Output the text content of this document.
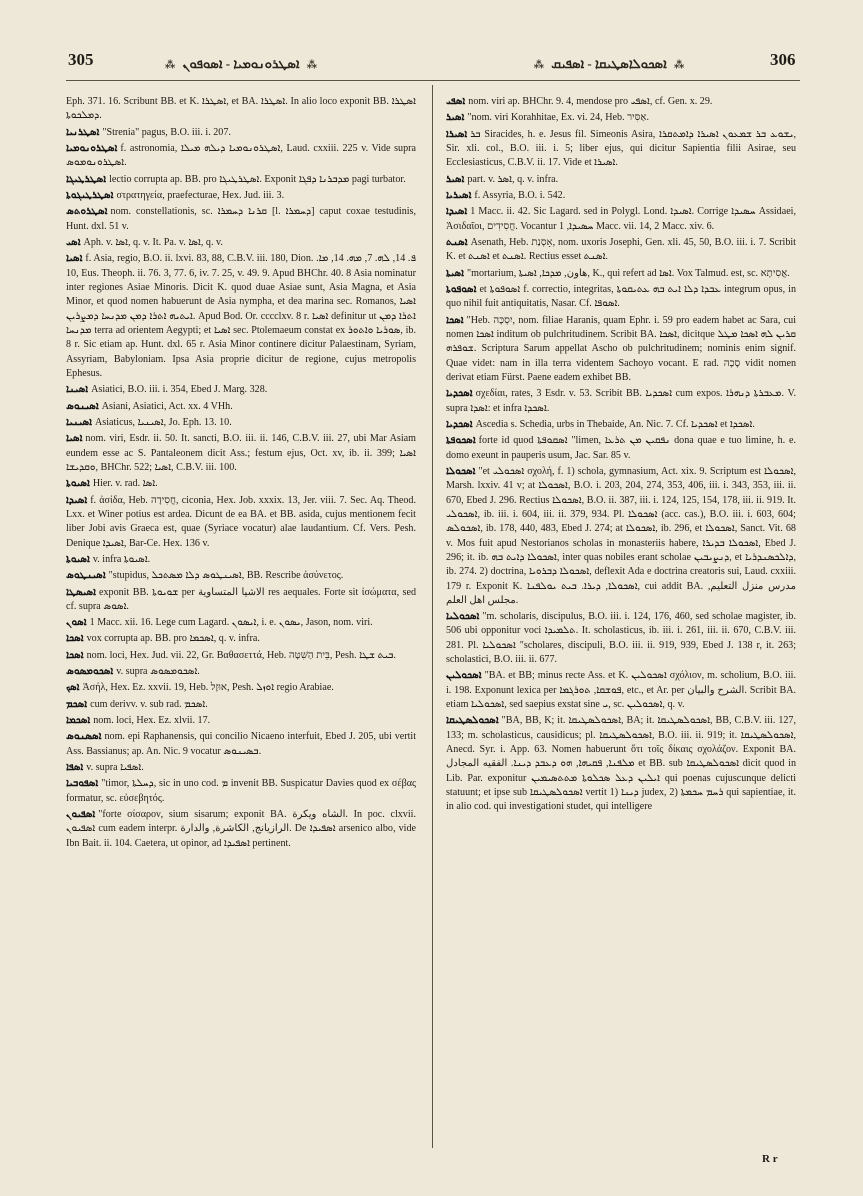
305	⁂ ܐܣܛܪܘܢܘܡܝܐ - ܐܣܘܦܘܢ ⁂	⁂ ܐܣܟܘܠܐܣܛܝܩܐ - ܐܣܦܝܩ ⁂	306

Eph. 371. 16. Scribunt BB. et K. ܐܣܛܪܐ, et BA. ܐܣܛܪܐ. In alio loco exponit BB. ܐܣܛܪܐ ܕܡܠܟܘܬܐ.

ܐܣܛܪܢܝܐ "Strenia" pagus, B.O. iii. i. 207.

ܐܣܛܪܘܢܘܡܝܐ f. astronomia, ܐܣܛܪܘܢܘܡܝܐ ܕܝܠܗ ܡܝܠܐ, Laud. cxxiii. 225 v. Vide supra ܐܣܛܪܘܢܘܡܘܣ.

ܐܣܛܪܛܝܓܐ lectio corrupta ap. BB. pro ܐܣܛܪܛܝܓܐ. Exponit ܡܕܒܪܢܐ ܕܦܓܐ pagi turbator.

ܐܣܛܪܛܝܓܘܬܐ στρατηγεία, praefecturae, Hex. Jud. iii. 3.

ܐܣܛܪܘܬܣ nom. constellationis, sc. ܩܪܢܐ ܕܚܡܪܐ [l. ܕܚܡܪܐ] caput coxae testudinis, Hunt. dxl. 51 v.

ܐܣܝ Aph. v. ܐܣܐ, q. v. It. Pa. v. ܐܣܐ, q. v.

ܐܣܝܐ f. Asia, regio, B.O. ii. lxvi. 83, 88, C.B.V. iii. 180, Dion. ܦ. 14, ܠܗ. 7, ܡܗ. 14, ܡܐ. 10, Eus. Theoph. ii. 76. 3, 77. 6, iv. 7. 25, v. 49. 9. Apud BHChr. 40. 8 Asia nominatur inter regiones Asiae Minoris. Dicit K. quod duae Asiae sunt, Asia Magna, et Asia Minor, et quod nomen habuerunt de Asia nympha, et dea marina sec. Romanos, ܐܣܝܐ ܐܝܬܝܗ ܐܬܪܐ ܕܡܢ ܡܕܢܚܐ ܕܡܨܪܝܢ. Apud Bod. Or. cccclxv. 8 r. ܐܣܝܐ definitur ut ܐܬܪܐ ܕܡܢ ܡܕܢܚܐ terra ad orientem Aegypti; et ܐܣܝܐ sec. Ptolemaeum constat ex ܣܘܪܝܐ ܘܐܬܘܪ, ib. 8 r. Sic etiam ap. Hunt. dxl. 65 r. Asia Minor continere dicitur Palaestinam, Syriam, Assyriam, Babyloniam. Ipsa Asia proprie dicitur de regione, cujus metropolis Ephesus.

ܐܣܝܢܐ Asiatici, B.O. iii. i. 354, Ebed J. Marg. 328.

ܐܣܝܢܘܣ Asiani, Asiatici, Act. xx. 4 VHh.

ܐܣܝܢܝܐ Asiaticus, ܐܣܝܢܝܐ, Jo. Eph. 13. 10.

ܐܣܝܐ nom. viri, Esdr. ii. 50. It. sancti, B.O. iii. ii. 146, C.B.V. iii. 27, ubi Mar Asiam eundem esse ac S. Pantaleonem dicit Ass.; festum ejus, Oct. xv, ib. ii. 399; ܐܣܝܐ ܘܩܕܝܫܐ, BHChr. 522; ܐܣܝܐ, C.B.V. iii. 100.

ܐܣܝܘܬܐ Hier. v. rad. ܐܣܐ.

ܐܣܝܕܐ f. ἀσίδα, Heb. חֲסִידָה, ciconia, Hex. Job. xxxix. 13, Jer. viii. 7. Sec. Aq. Theod. Lxx. et Winer potius est ardea. Dicunt de ea BA. et BB. asida, cujus mentionem fecit liber Jobi avis Graeca est, quae (Syriace vocatur) alae laudantium. Cf. Vers. Pesh. Denique ܐܣܝܕܐ, Bar-Ce. Hex. 136 v.

ܐܣܝܘܬܐ v. infra ܐܣܝܘܬܐ.

ܐܣܝܢܛܘܣ "stupidus, ܐܣܝܢܛܘܣ ܕܠܐ ܡܣܬܟܠ, BB. Rescribe ἀσύνετος.

ܐܣܝܣܛܐ exponit BB. ܫܘܝܘܬܐ per الاشيا المتساوية res aequales. Forte sit ἰσώματα, sed cf. supra ܐܣܘܣ.

ܐܣܘܢ 1 Macc. xii. 16. Lege cum Lagard. ܐܝܣܘܢ, i. e. ܝܣܘܢ, Jason, nom. viri.

ܐܣܟܐ vox corrupta ap. BB. pro ܐܣܟܡܐ, q. v. infra.

ܐܣܟܐ nom. loci, Hex. Jud. vii. 22, Gr. Βαθασεττά, Heb. בֵּית הַשִּׁטָּה, Pesh. ܒܝܬ ܫܛܐ.

ܐܣܟܘܡܣܘܣ v. supra ܐܣܟܘܡܣܘܣ.

ܐܣܟ Ἀσήλ, Hex. Ez. xxvii. 19, Heb. אוּזָל, Pesh. ܐܘܙܠ regio Arabiae.

ܐܣܟܡ cum derivv. v. sub rad. ܐܣܟܡ.

ܐܣܟܡܐ nom. loci, Hex. Ez. xlvii. 17.

ܐܣܣܢܘܣ nom. epi Raphanensis, qui concilio Nicaeno interfuit, Ebed J. 205, ubi vertit Ass. Bassianus; ap. An. Nic. 9 vocatur ܒܣܝܢܘܣ.

ܐܣܦܐ v. supra ܐܣܦܝܐ.

ܐܣܦܘܒܝܐ "timor, ܕܚܠܬܐ, sic in uno cod. ܡ invenit BB. Suspicatur Davies quod ex σέβας formatur, sc. εὐσεβητός.

ܐܣܦܝܘܢ "forte σίσαρον, sium sisarum; exponit BA. الشاه ويكرة. In poc. clxvii. ܐܣܦܝܘܢ cum eadem interpr. الرازيانج, الكاشرة, والدارة. De ܐܣܦܝܕܐ arsenico albo, vide Ibn Bait. ii. 104. Caetera, ut opinor, ad ܐܣܦܝܕܐ pertinent.

ܐܣܦܝ nom. viri ap. BHChr. 9. 4, mendose pro ܐܣܦܝ, cf. Gen. x. 29.

ܐܣܝܪ "nom. viri Korahhitae, Ex. vi. 24, Heb. אַסִּיר.

ܐܣܝܪܐ ܒܪ Siracides, h. e. Jesus fil. Simeonis Asira, ܝܫܘܥ ܒܪ ܫܡܥܘܢ ܐܣܝܪܐ ܕܐܡܬܩܪܐ, Sir. xli. col., B.O. iii. i. 5; liber ejus, qui dicitur Sapientia filii Asirae, seu Ecclesiasticus, C.B.V. ii. 17. Vide et ܐܣܝܪܐ.

ܐܣܝܪ part. v. ܐܣܪ, q. v. infra.

ܐܣܝܪܝܐ f. Assyria, B.O. i. 542.

ܐܣܝܕܐ 1 Macc. ii. 42. Sic Lagard. sed in Polygl. Lond. ܐܣܝܕܐ. Corrige ܚܣܝܕܐ Assidaei, Ἀσιδαῖοι, חֲסִידִים. Vocantur ܚܣܝܕܐ, 1 Macc. vii. 14, 2 Macc. xiv. 6.

ܐܣܢܬ Asenath, Heb. אָסְנַת, nom. uxoris Josephi, Gen. xli. 45, 50, B.O. iii. i. 7. Scribit K. et ܐܣܢܬ et ܐܣܢܬ. Rectius esset ܐܣܢܬ.

ܐܣܝܬܐ "mortarium, هاون, ܡܕܟܐ, ܐܣܝܬܐ, K., qui refert ad ܐܣܐ. Vox Talmud. est, sc. אֲסִיתָא.

ܐܣܘܦܘܬܐ et ܐܣܘܦܘܬܐ f. correctio, integritas, ܥܒܕܐ ܕܠܐ ܐܝܬ ܒܗ ܥܬܝܩܘܬܐ integrum opus, in quo nihil fuit antiquitatis, Nasar. Cf. ܐܣܘܦܐ.

ܐܣܟܐ "Heb. יִסְכָּה, nom. filiae Haranis, quam Ephr. i. 59 pro eadem habet ac Sara, cui nomen ܐܣܟܐ inditum ob pulchritudinem. Scribit BA. ܐܣܟܐ, dicitque ܩܪܝܢ ܠܗ ܐܣܟܐ ܡܛܠ ܫܘܦܪܗ. Scriptura Sarum appellat Ascho ob pulchritudinem; nominis enim signif. Quae videt: nam in illa terra videntem Sachoyo vocant. E rad. סָכָה vidit nomen derivat etiam Fürst. Paene eadem exhibet BB.

ܐܣܟܕܝܐ σχεδίαι, rates, 3 Esdr. v. 53. Scribit BB. ܐܣܟܕܝܐ cum expos. ܡܥܒܪܬܐ ܕܢܗܪܐ. V. supra ܐܣܕܐ: et infra ܐܣܟܕܐ.

ܐܣܟܕܝܐ Ascedia s. Schedia, urbs in Thebaide, An. Nic. 7. Cf. ܐܣܟܕܝܐ et ܐܣܟܕܐ.

ܐܣܟܘܦܬܐ forte id quod ܐܣܩܘܦܬܐ "limen, ܢܦܩܝܢ ܡܢ ܬܪܥܐ dona quae e tuo limine, h. e. domo exeunt in pauperis usum, Jac. Sar. 85 v.

ܐܣܟܘܠܐ "et ܐܣܟܘܠܝ σχολή, f. 1) schola, gymnasium, Act. xix. 9. Scriptum est ܐܣܟܘܠܐ, Marsh. lxxiv. 41 v; at ܐܣܟܘܠܐ, B.O. i. 203, 204, 274, 353, 406, iii. i. 343, 353, iii. ii. 670, Ebed J. 296. Rectius ܐܣܟܘܠܐ, B.O. ii. 387, iii. i. 124, 125, 154, 178, iii. ii. 919. It. ܐܣܟܘܠܝ, ib. iii. i. 604, iii. ii. 379, 934. Pl. ܐܣܟܘܠܐ (acc. cas.), B.O. iii. i. 603, 604; ܐܣܟܘܠܣ, ib. 178, 440, 483, Ebed J. 274; at ܐܣܟܘܠܐ, ib. 296, et ܐܣܟܘܠܐ, Sanct. Vit. 68 v. Mos fuit apud Nestorianos scholas in monasteriis habere, ܐܣܟܘܠܐ ܒܕܝܪܐ, Ebed J. 296; it. ib. ܐܣܟܘܠܐ ܕܐܝܬ ܒܗ, inter quas nobiles erant scholae ܕܢܨܝܒܝܢ, et ܕܐܠܟܣܢܕܪܝܐ, ib. 274. 2) doctrina, ܐܣܟܘܠܐ ܕܒܪܘܝܐ, deflexit Ada e doctrina creatoris sui, Laud. cxxiii. 179 r. Exponit K. ܐܣܟܘܠܐ, ܕܝܪܐ. ܒܝܬ ܝܘܠܦܢܐ, cui addit BA. مدرس منزل التعليم, مجلس اهل العلم.

ܐܣܟܘܠܝܐ "m. scholaris, discipulus, B.O. iii. i. 124, 176, 460, sed scholae magister, ib. 506 ubi opponitur voci ܬܠܡܝܕܐ. It. scholasticus, ib. iii. i. 261, iii. ii. 670, C.B.V. iii. 281. Pl. ܐܣܟܘܠܝܐ "scholares, discipuli, B.O. iii. ii. 919, 939, Ebed J. 138 r, it. 263; scholastici, B.O. iii. ii. 677.

ܐܣܟܘܠܝܢ "BA. et BB; minus recte Ass. et K. ܐܣܟܘܠܝܢ σχόλιον, m. scholium, B.O. iii. i. 198. Exponunt lexica per ܦܘܫܩܐ, ܬܘܪܓܡܐ, etc., et Ar. per الشرح والبيان. Scribit BA. etiam ܐܣܟܘܠܝܐ, sed saepius exstat sine ܝ, sc. ܐܣܟܘܠܝܢ, q. v.

ܐܣܟܘܠܣܛܝܩܐ "BA, BB, K; it. ܐܣܟܘܠܣܛܝܩܐ, BA; it. ܐܣܟܘܠܣܛܝܩܐ, BB, C.B.V. iii. 127, 133; m. scholasticus, causidicus; pl. ܐܣܟܘܠܣܛܝܩܐ, B.O. iii. ii. 919; it. ܐܣܟܘܠܣܛܝܩܐ, Anecd. Syr. i. App. 63. Nomen habuerunt ὅτι τοῖς δίκαις σχολάζον. Exponit BA. ܡܠܦܢܐ, ܦܩܝܗܐ, ܗܘ ܕܥܒܕ ܕܝܢܐ. الفقيه المجادل et BB. sub ܐܣܟܘܠܣܛܝܩܐ dicit quod in Lib. Par. exponitur ܐܝܠܝܢ ܕܥܠ ܣܟܠܘܬܐ ܡܬܬܣܝܡܝܢ qui poenas cujuscunque delicti statuunt; et ipse sub ܐܣܟܘܠܣܛܝܩܐ vertit 1) ܕܝܢܐ judex, 2) ܪܚܡ ܚܟܡܬܐ qui sapientiae, it. in alio cod. qui investigationi studet, qui intelligere

R r
